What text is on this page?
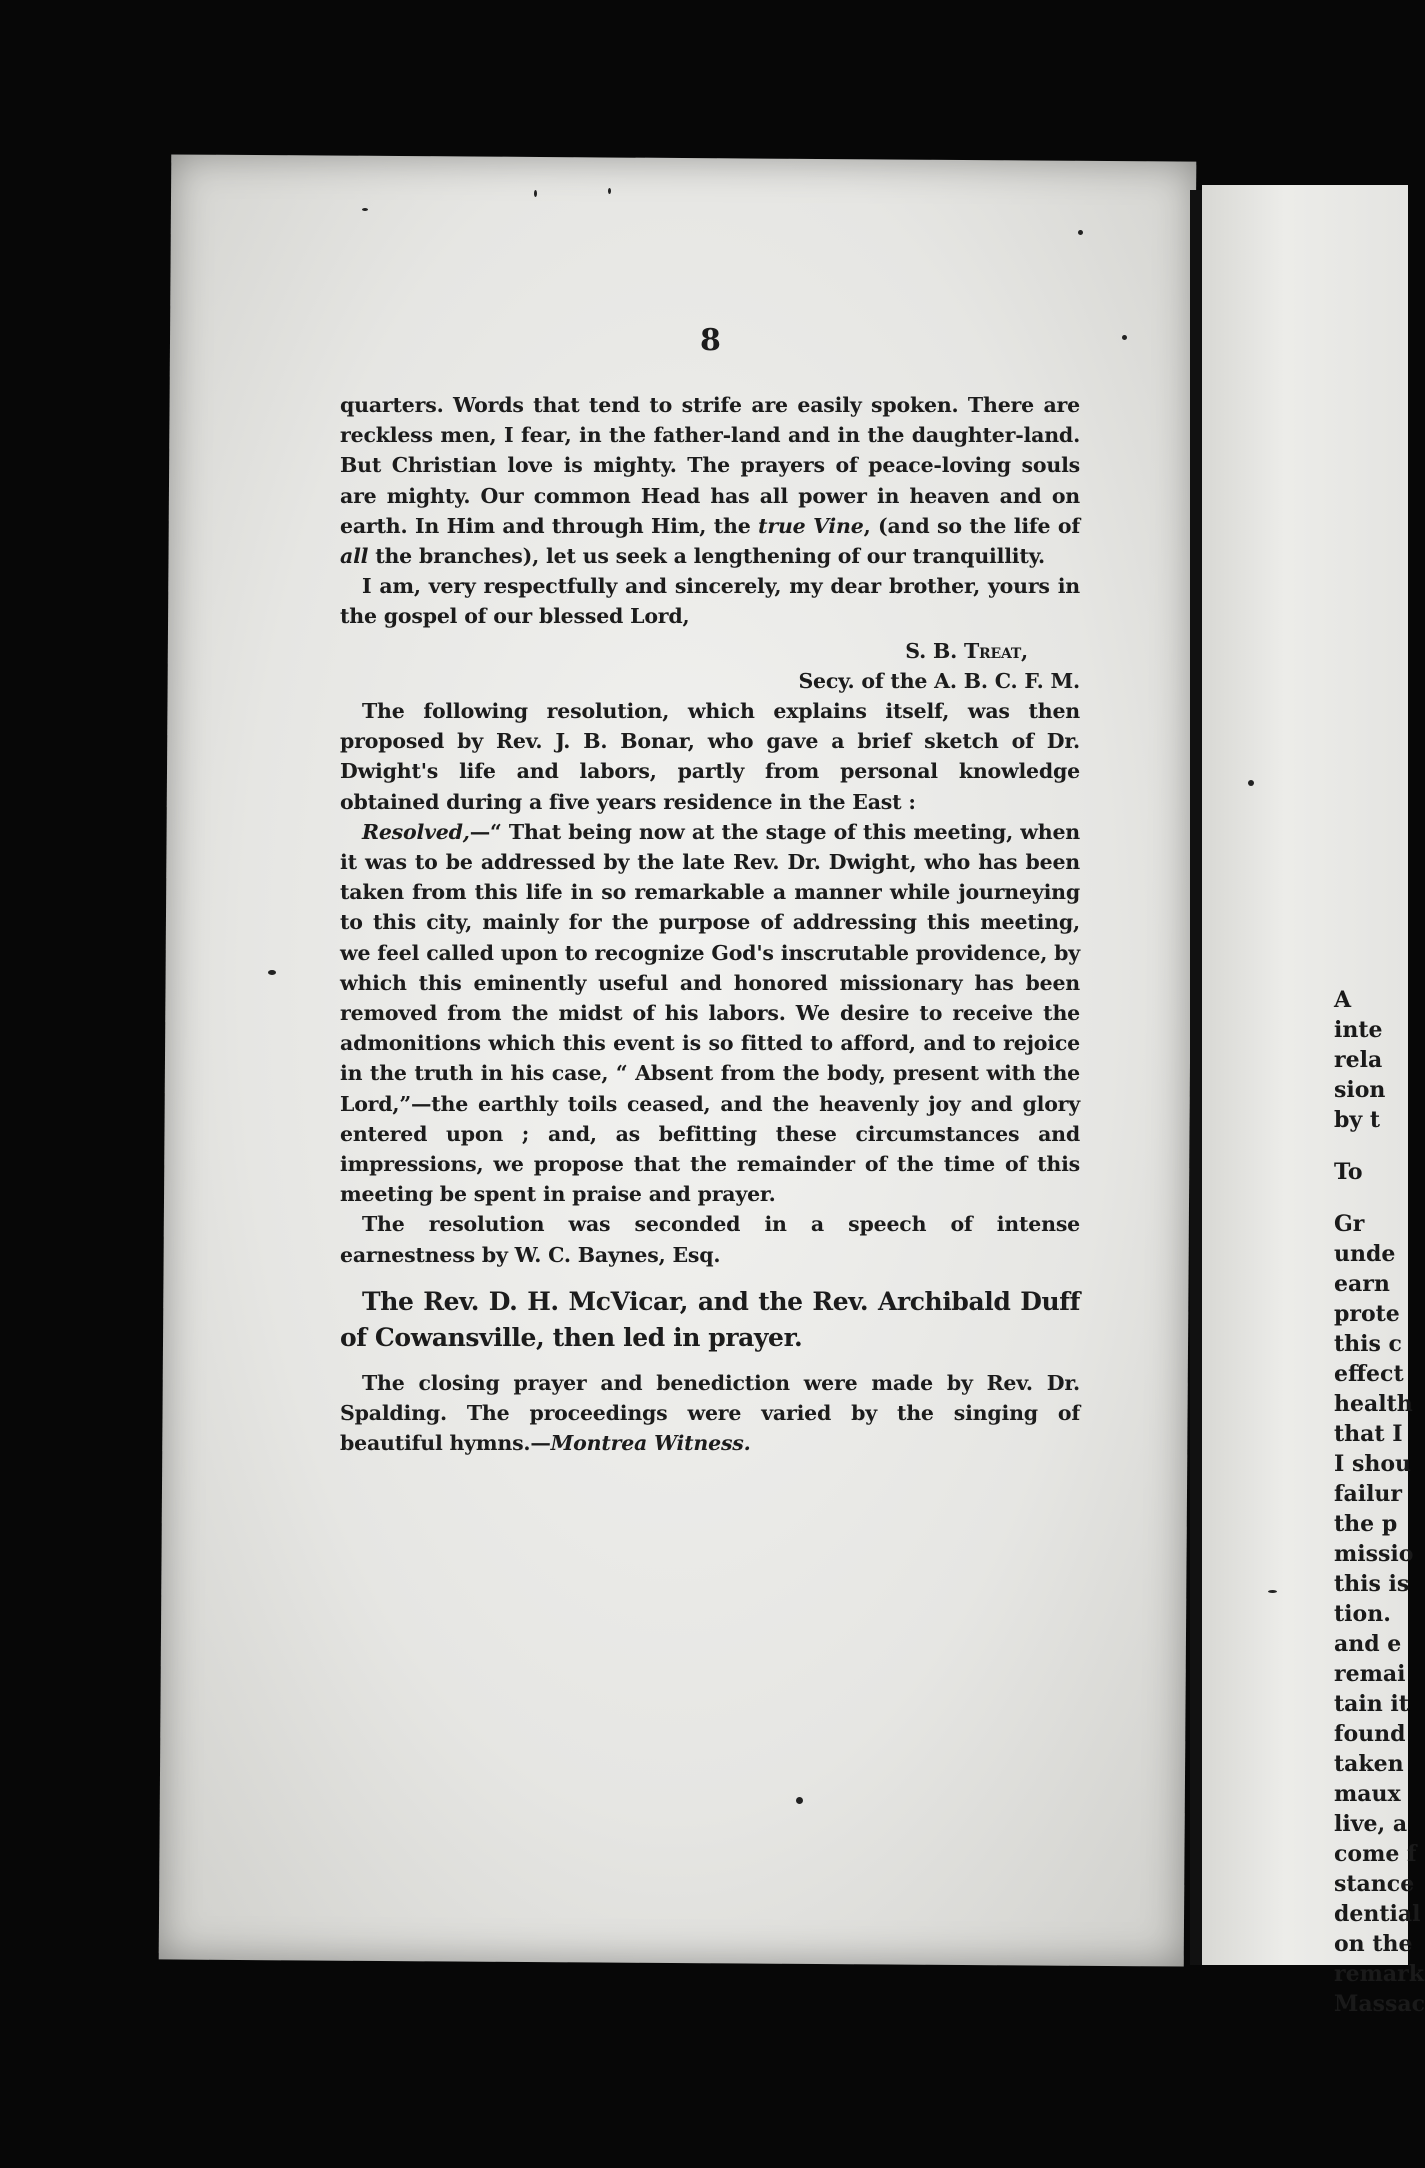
A
inte
rela
sion
by t
To
Gr
unde
earn
prote
this c
effect
health
that I
I shou
failur
the p
missio
this is
tion.
and e
remai
tain it
found
taken
maux
live, a
come f
stance
dential
on the
remark
Massac
8

quarters. Words that tend to strife are easily spoken. There are reckless men, I fear, in the father-land and in the daughter-land. But Christian love is mighty. The prayers of peace-loving souls are mighty. Our common Head has all power in heaven and on earth. In Him and through Him, the true Vine, (and so the life of all the branches), let us seek a lengthening of our tranquillity.

I am, very respectfully and sincerely, my dear brother, yours in the gospel of our blessed Lord,

S. B. Treat,

Secy. of the A. B. C. F. M.

The following resolution, which explains itself, was then proposed by Rev. J. B. Bonar, who gave a brief sketch of Dr. Dwight's life and labors, partly from personal knowledge obtained during a five years residence in the East :

Resolved,—“ That being now at the stage of this meeting, when it was to be addressed by the late Rev. Dr. Dwight, who has been taken from this life in so remarkable a manner while journeying to this city, mainly for the purpose of addressing this meeting, we feel called upon to recognize God's inscrutable providence, by which this eminently useful and honored missionary has been removed from the midst of his labors. We desire to receive the admonitions which this event is so fitted to afford, and to rejoice in the truth in his case, “ Absent from the body, present with the Lord,”—the earthly toils ceased, and the heavenly joy and glory entered upon ; and, as befitting these circumstances and impressions, we propose that the remainder of the time of this meeting be spent in praise and prayer.

The resolution was seconded in a speech of intense earnestness by W. C. Baynes, Esq.

The Rev. D. H. McVicar, and the Rev. Archibald Duff of Cowansville, then led in prayer.

The closing prayer and benediction were made by Rev. Dr. Spalding. The proceedings were varied by the singing of beautiful hymns.—Montrea Witness.
